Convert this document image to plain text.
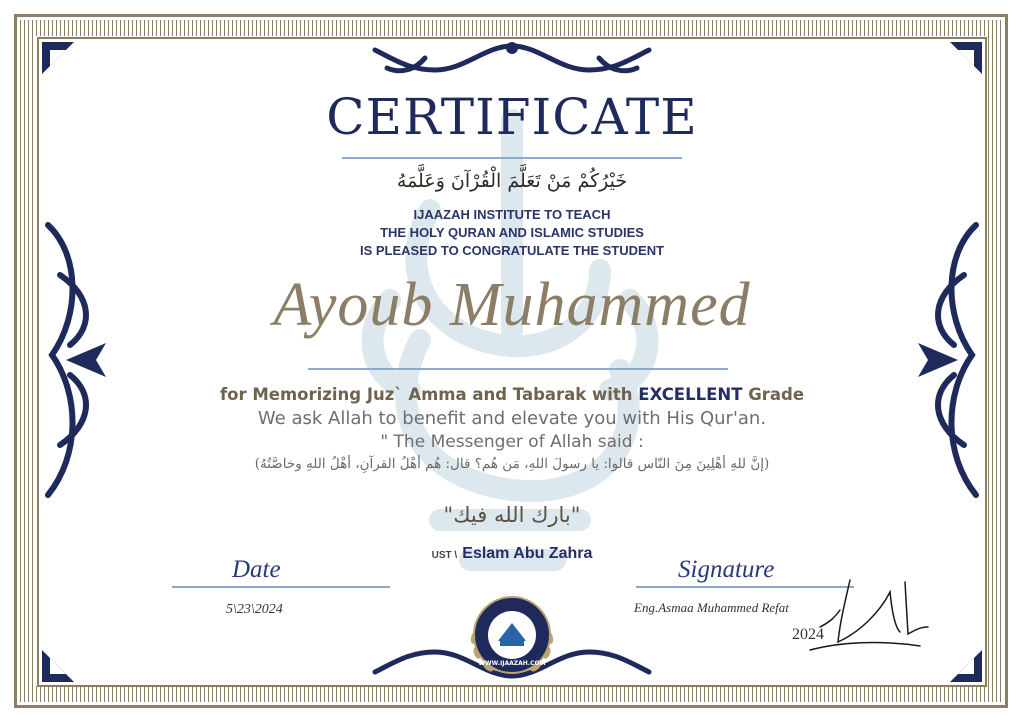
CERTIFICATE
خَيْرُكُمْ مَنْ تَعَلَّمَ الْقُرْآنَ وَعَلَّمَهُ
IJAAZAH INSTITUTE TO TEACH
THE HOLY QURAN AND ISLAMIC STUDIES
IS PLEASED TO CONGRATULATE THE STUDENT
Ayoub Muhammed
for Memorizing Juz` Amma and Tabarak with EXCELLENT Grade
We ask Allah to benefit and elevate you with His Qur'an.
" The Messenger of Allah said :
(إنَّ للهِ أهْلِينَ مِنَ النّاس قالوا: يا رسولَ اللهِ، مَن هُم؟ قال: هُم أهْلُ القرآنِ، أهْلُ اللهِ وخاصَّتُهُ)
"بارك الله فيك"
UST \ Eslam Abu Zahra
Date
5\23\2024
Signature
Eng.Asmaa Muhammed Refat
2024
WWW.IJAAZAH.COM
